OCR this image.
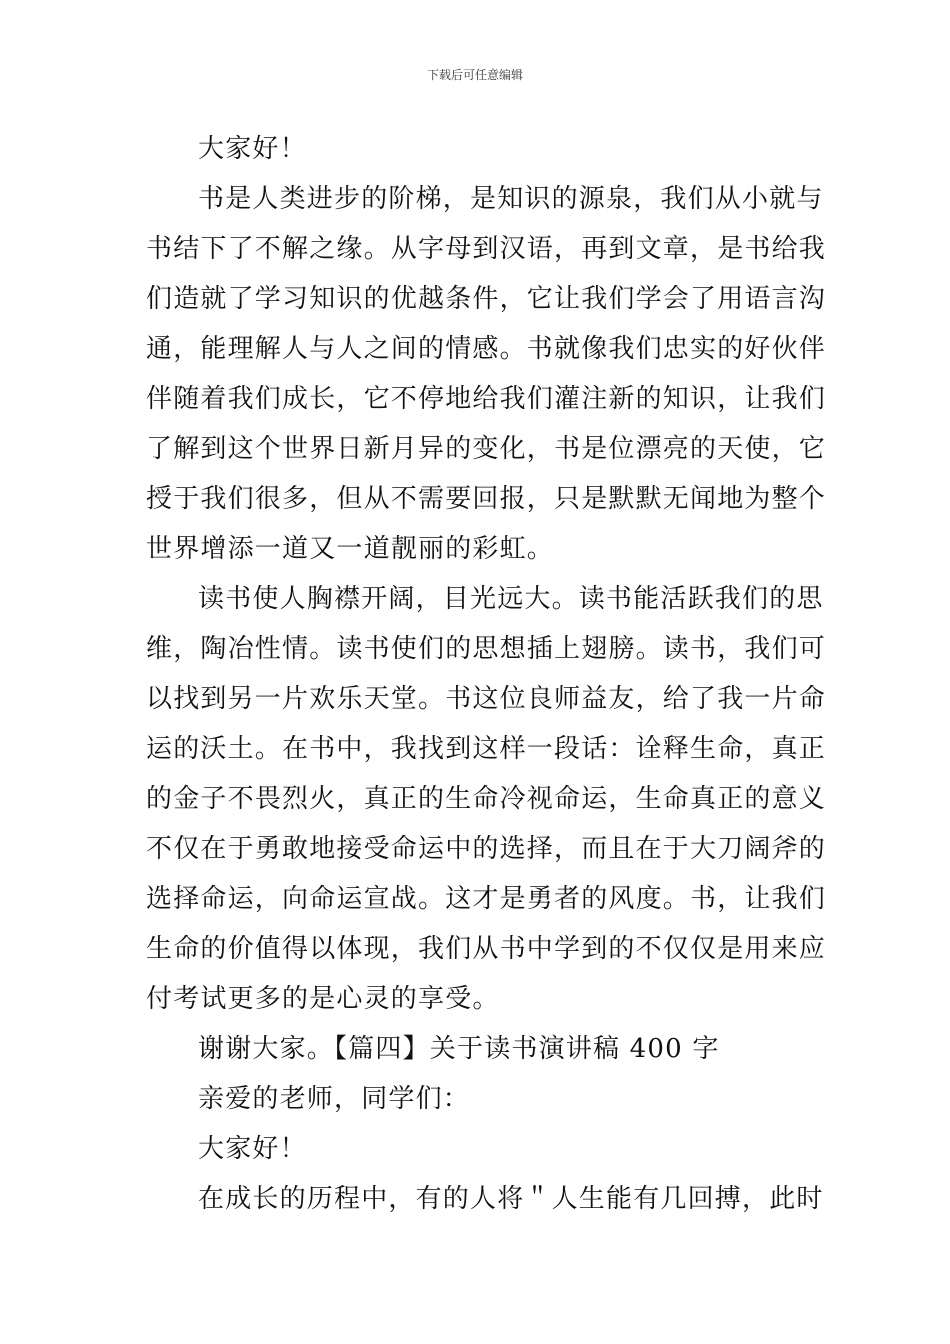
下载后可任意编辑
大家好！
书是人类进步的阶梯，是知识的源泉，我们从小就与
书结下了不解之缘。从字母到汉语，再到文章，是书给我
们造就了学习知识的优越条件，它让我们学会了用语言沟
通，能理解人与人之间的情感。书就像我们忠实的好伙伴
伴随着我们成长，它不停地给我们灌注新的知识，让我们
了解到这个世界日新月异的变化，书是位漂亮的天使，它
授于我们很多，但从不需要回报，只是默默无闻地为整个
世界增添一道又一道靓丽的彩虹。
读书使人胸襟开阔，目光远大。读书能活跃我们的思
维，陶冶性情。读书使们的思想插上翅膀。读书，我们可
以找到另一片欢乐天堂。书这位良师益友，给了我一片命
运的沃土。在书中，我找到这样一段话：诠释生命，真正
的金子不畏烈火，真正的生命冷视命运，生命真正的意义
不仅在于勇敢地接受命运中的选择，而且在于大刀阔斧的
选择命运，向命运宣战。这才是勇者的风度。书，让我们
生命的价值得以体现，我们从书中学到的不仅仅是用来应
付考试更多的是心灵的享受。
谢谢大家。【篇四】关于读书演讲稿 400 字
亲爱的老师，同学们：
大家好！
在成长的历程中，有的人将＂人生能有几回搏，此时
